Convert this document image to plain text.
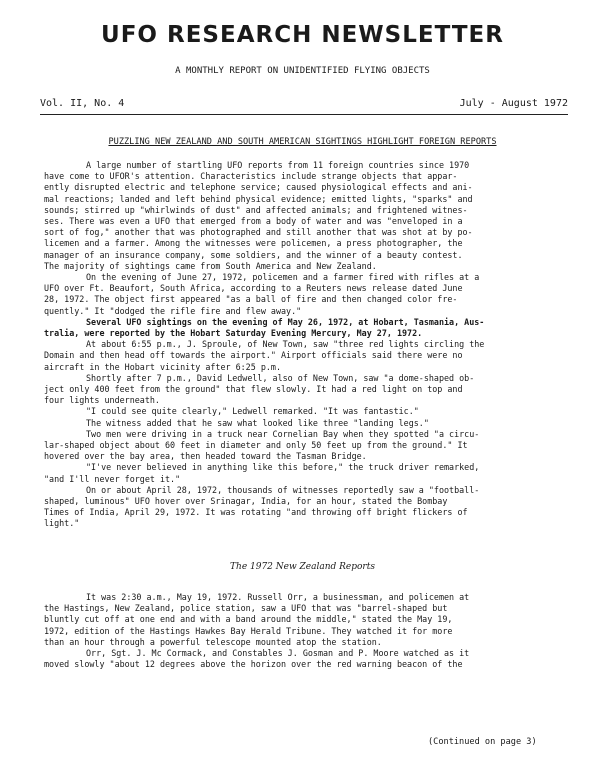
UFO RESEARCH NEWSLETTER
A MONTHLY REPORT ON UNIDENTIFIED FLYING OBJECTS
Vol. II, No. 4	July - August 1972
PUZZLING NEW ZEALAND AND SOUTH AMERICAN SIGHTINGS HIGHLIGHT FOREIGN REPORTS
A large number of startling UFO reports from 11 foreign countries since 1970
have come to UFOR's attention. Characteristics include strange objects that appar-
ently disrupted electric and telephone service; caused physiological effects and ani-
mal reactions; landed and left behind physical evidence; emitted lights, "sparks" and
sounds; stirred up "whirlwinds of dust" and affected animals; and frightened witnes-
ses. There was even a UFO that emerged from a body of water and was "enveloped in a
sort of fog," another that was photographed and still another that was shot at by po-
licemen and a farmer. Among the witnesses were policemen, a press photographer, the
manager of an insurance company, some soldiers, and the winner of a beauty contest.
The majority of sightings came from South America and New Zealand.
On the evening of June 27, 1972, policemen and a farmer fired with rifles at a
UFO over Ft. Beaufort, South Africa, according to a Reuters news release dated June
28, 1972. The object first appeared "as a ball of fire and then changed color fre-
quently." It "dodged the rifle fire and flew away."
Several UFO sightings on the evening of May 26, 1972, at Hobart, Tasmania, Aus-
tralia, were reported by the Hobart Saturday Evening Mercury, May 27, 1972.
At about 6:55 p.m., J. Sproule, of New Town, saw "three red lights circling the
Domain and then head off towards the airport." Airport officials said there were no
aircraft in the Hobart vicinity after 6:25 p.m.
Shortly after 7 p.m., David Ledwell, also of New Town, saw "a dome-shaped ob-
ject only 400 feet from the ground" that flew slowly. It had a red light on top and
four lights underneath.
"I could see quite clearly," Ledwell remarked. "It was fantastic."
The witness added that he saw what looked like three "landing legs."
Two men were driving in a truck near Cornelian Bay when they spotted "a circu-
lar-shaped object about 60 feet in diameter and only 50 feet up from the ground." It
hovered over the bay area, then headed toward the Tasman Bridge.
"I've never believed in anything like this before," the truck driver remarked,
"and I'll never forget it."
On or about April 28, 1972, thousands of witnesses reportedly saw a "football-
shaped, luminous" UFO hover over Srinagar, India, for an hour, stated the Bombay
Times of India, April 29, 1972. It was rotating "and throwing off bright flickers of
light."
The 1972 New Zealand Reports
It was 2:30 a.m., May 19, 1972. Russell Orr, a businessman, and policemen at
the Hastings, New Zealand, police station, saw a UFO that was "barrel-shaped but
bluntly cut off at one end and with a band around the middle," stated the May 19,
1972, edition of the Hastings Hawkes Bay Herald Tribune. They watched it for more
than an hour through a powerful telescope mounted atop the station.
Orr, Sgt. J. Mc Cormack, and Constables J. Gosman and P. Moore watched as it
moved slowly "about 12 degrees above the horizon over the red warning beacon of the
(Continued on page 3)
